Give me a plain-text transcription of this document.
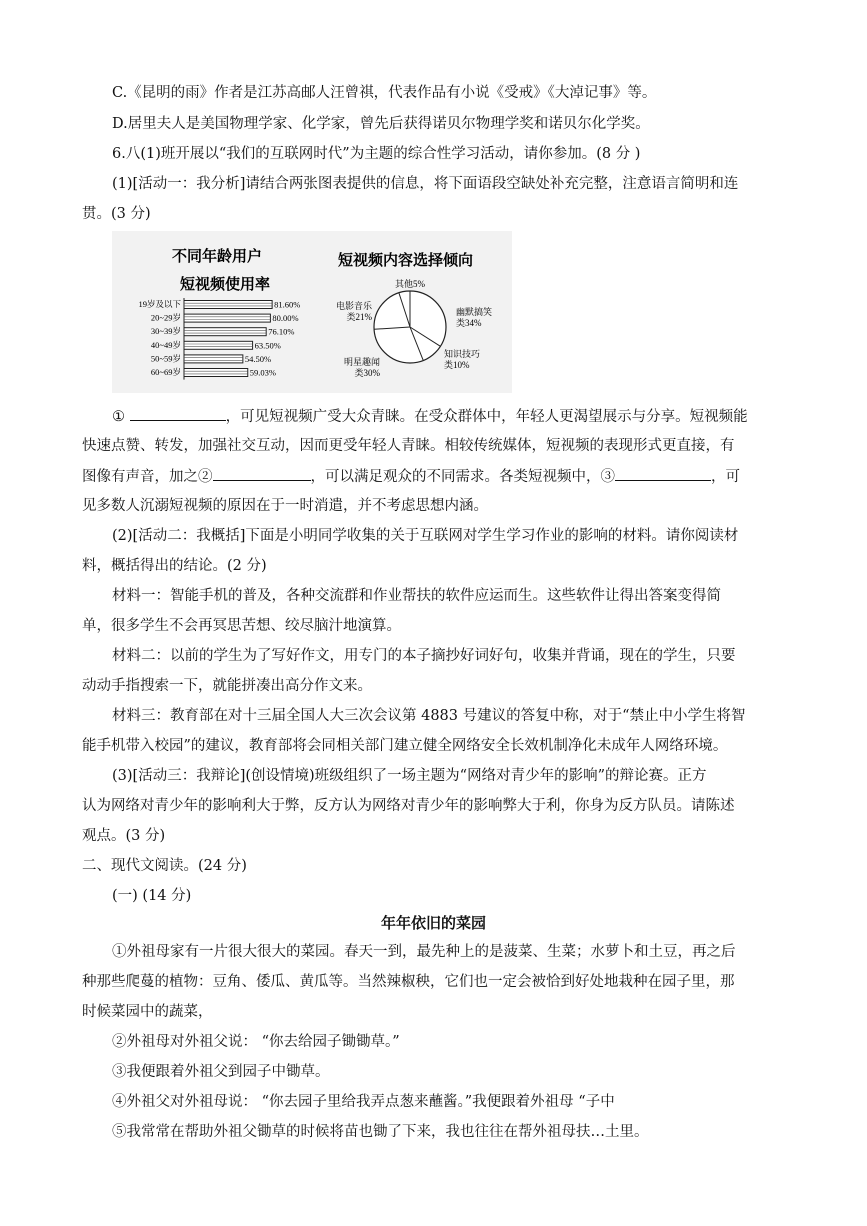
C.《昆明的雨》作者是江苏高邮人汪曾祺，代表作品有小说《受戒》《大淖记事》等。
D.居里夫人是美国物理学家、化学家，曾先后获得诺贝尔物理学奖和诺贝尔化学奖。
6.八(1)班开展以“我们的互联网时代”为主题的综合性学习活动，请你参加。(8 分 )
(1)[活动一：我分析]请结合两张图表提供的信息，将下面语段空缺处补充完整，注意语言简明和连
贯。(3 分)
不同年龄用户
短视频使用率
19岁及以下	81.60%
20~29岁	80.00%
30~39岁	76.10%
40~49岁	63.50%
50~59岁	54.50%
60~69岁	59.03%
短视频内容选择倾向
幽默搞笑类34%
知识技巧类10%
明星趣闻类30%
电影音乐类21%
其他5%
①	，可见短视频广受大众青睐。在受众群体中，年轻人更渴望展示与分享。短视频能
快速点赞、转发，加强社交互动，因而更受年轻人青睐。相较传统媒体，短视频的表现形式更直接，有
图像有声音，加之②	，可以满足观众的不同需求。各类短视频中，③	，可
见多数人沉溺短视频的原因在于一时消遣，并不考虑思想内涵。
(2)[活动二：我概括]下面是小明同学收集的关于互联网对学生学习作业的影响的材料。请你阅读材
料，概括得出的结论。(2 分)
材料一：智能手机的普及，各种交流群和作业帮扶的软件应运而生。这些软件让得出答案变得简
单，很多学生不会再冥思苦想、绞尽脑汁地演算。
材料二：以前的学生为了写好作文，用专门的本子摘抄好词好句，收集并背诵，现在的学生，只要
动动手指搜索一下，就能拼凑出高分作文来。
材料三：教育部在对十三届全国人大三次会议第 4883 号建议的答复中称，对于“禁止中小学生将智
能手机带入校园”的建议，教育部将会同相关部门建立健全网络安全长效机制净化未成年人网络环境。
(3)[活动三：我辩论](创设情境)班级组织了一场主题为“网络对青少年的影响”的辩论赛。正方
认为网络对青少年的影响利大于弊，反方认为网络对青少年的影响弊大于利，你身为反方队员。请陈述
观点。(3 分)
二、现代文阅读。(24 分)
(一) (14 分)
年年依旧的菜园
①外祖母家有一片很大很大的菜园。春天一到，最先种上的是菠菜、生菜；水萝卜和土豆，再之后
种那些爬蔓的植物：豆角、倭瓜、黄瓜等。当然辣椒秧，它们也一定会被恰到好处地栽种在园子里，那
时候菜园中的蔬菜，
②外祖母对外祖父说： “你去给园子锄锄草。”
③我便跟着外祖父到园子中锄草。
④外祖父对外祖母说： “你去园子里给我弄点葱来蘸酱。”我便跟着外祖母 “子中
⑤我常常在帮助外祖父锄草的时候将苗也锄了下来，我也往往在帮外祖母扶…土里。
